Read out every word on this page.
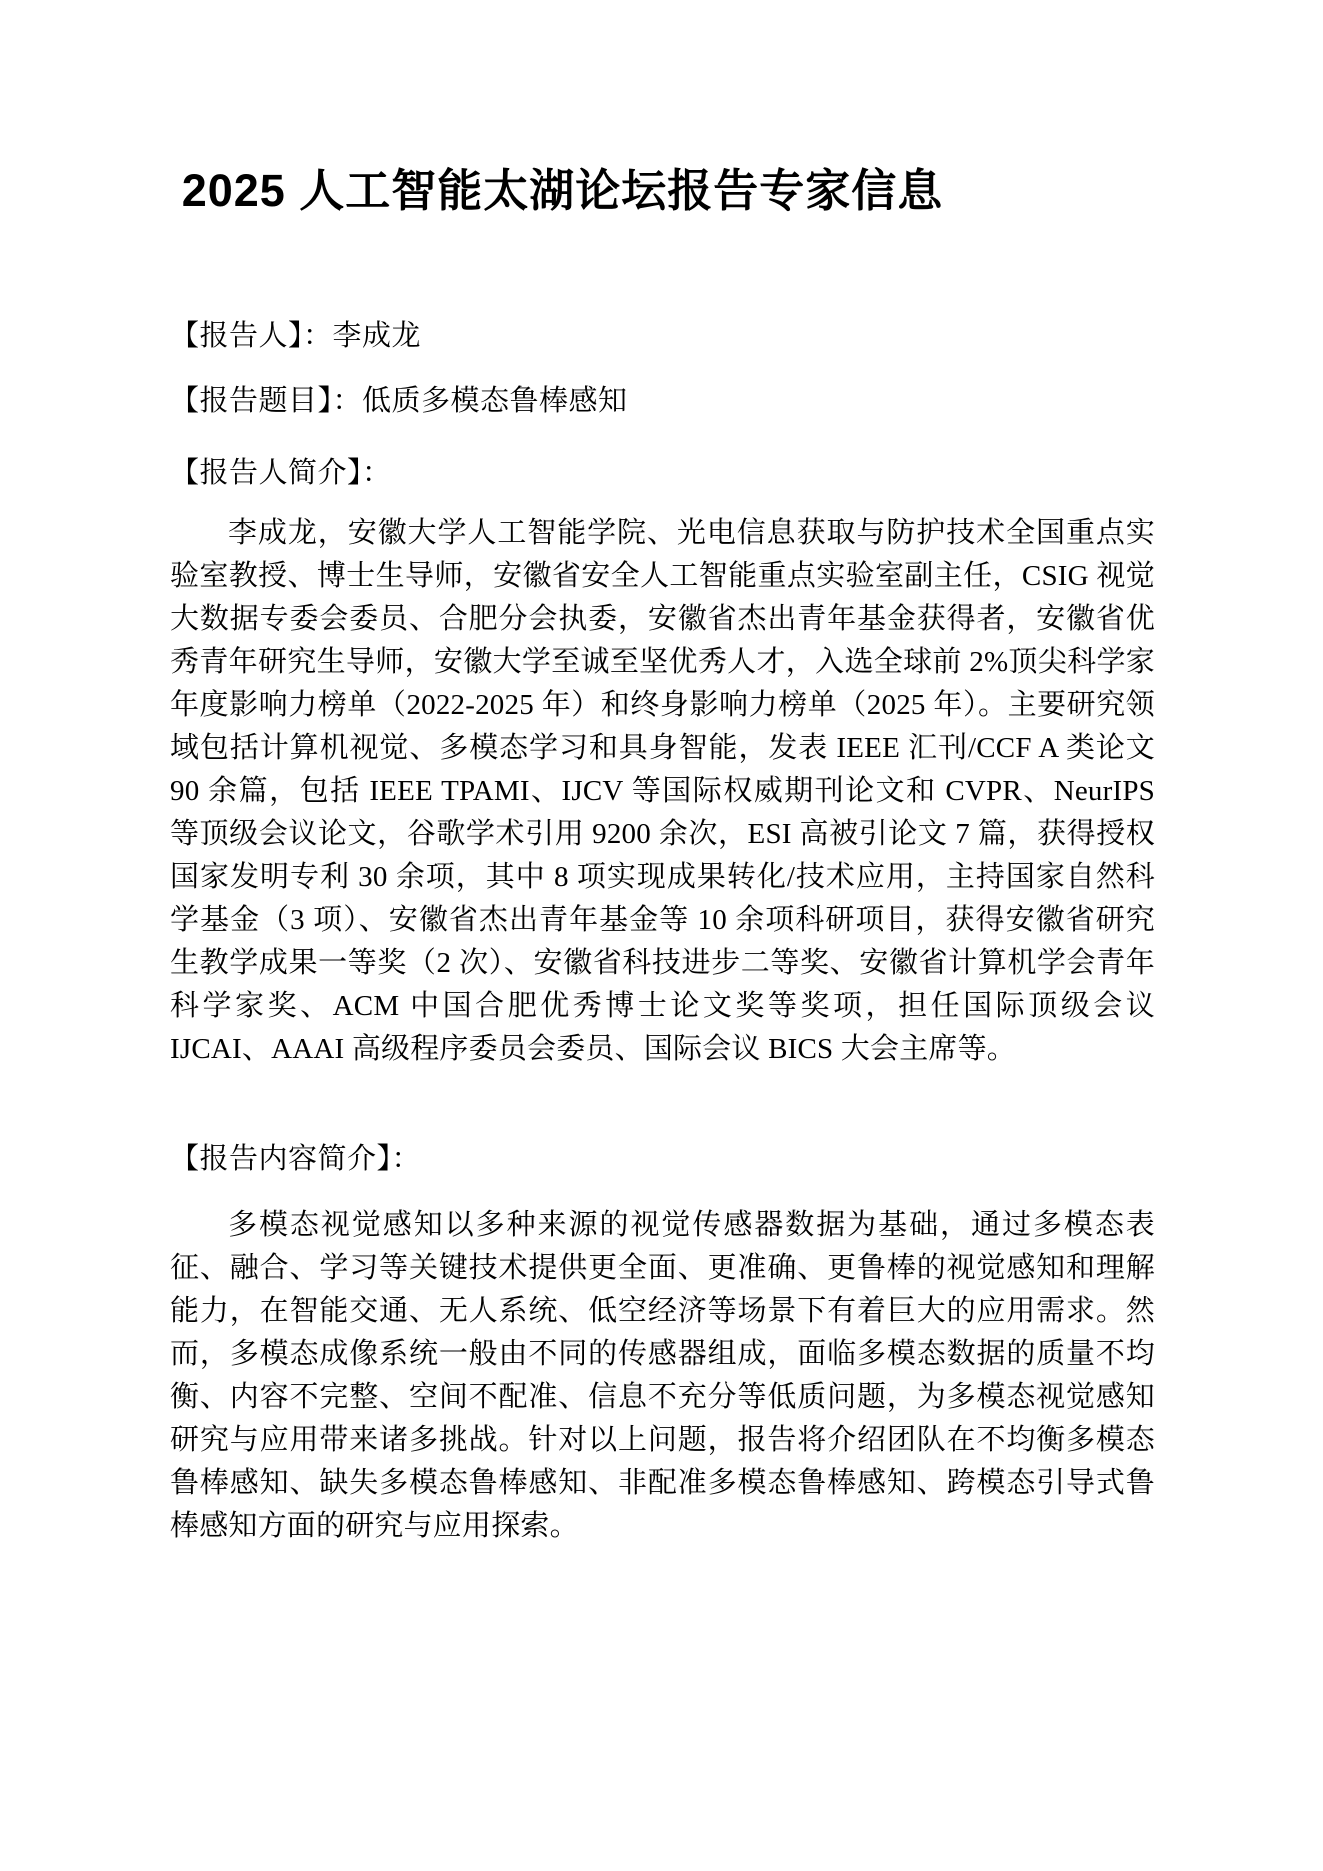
2025 人工智能太湖论坛报告专家信息
【报告人】：李成龙
【报告题目】：低质多模态鲁棒感知
【报告人简介】：

李成龙，安徽大学人工智能学院、光电信息获取与防护技术全国重点实验室教授、博士生导师，安徽省安全人工智能重点实验室副主任，CSIG 视觉大数据专委会委员、合肥分会执委，安徽省杰出青年基金获得者，安徽省优秀青年研究生导师，安徽大学至诚至坚优秀人才，入选全球前 2%顶尖科学家年度影响力榜单（2022-2025 年）和终身影响力榜单（2025 年）。主要研究领域包括计算机视觉、多模态学习和具身智能，发表 IEEE 汇刊/CCF A 类论文 90 余篇，包括 IEEE TPAMI、IJCV 等国际权威期刊论文和 CVPR、NeurIPS 等顶级会议论文，谷歌学术引用 9200 余次，ESI 高被引论文 7 篇，获得授权国家发明专利 30 余项，其中 8 项实现成果转化/技术应用，主持国家自然科学基金（3 项）、安徽省杰出青年基金等 10 余项科研项目，获得安徽省研究生教学成果一等奖（2 次）、安徽省科技进步二等奖、安徽省计算机学会青年科学家奖、ACM 中国合肥优秀博士论文奖等奖项，担任国际顶级会议 IJCAI、AAAI 高级程序委员会委员、国际会议 BICS 大会主席等。

【报告内容简介】：

多模态视觉感知以多种来源的视觉传感器数据为基础，通过多模态表征、融合、学习等关键技术提供更全面、更准确、更鲁棒的视觉感知和理解能力，在智能交通、无人系统、低空经济等场景下有着巨大的应用需求。然而，多模态成像系统一般由不同的传感器组成，面临多模态数据的质量不均衡、内容不完整、空间不配准、信息不充分等低质问题，为多模态视觉感知研究与应用带来诸多挑战。针对以上问题，报告将介绍团队在不均衡多模态鲁棒感知、缺失多模态鲁棒感知、非配准多模态鲁棒感知、跨模态引导式鲁棒感知方面的研究与应用探索。
